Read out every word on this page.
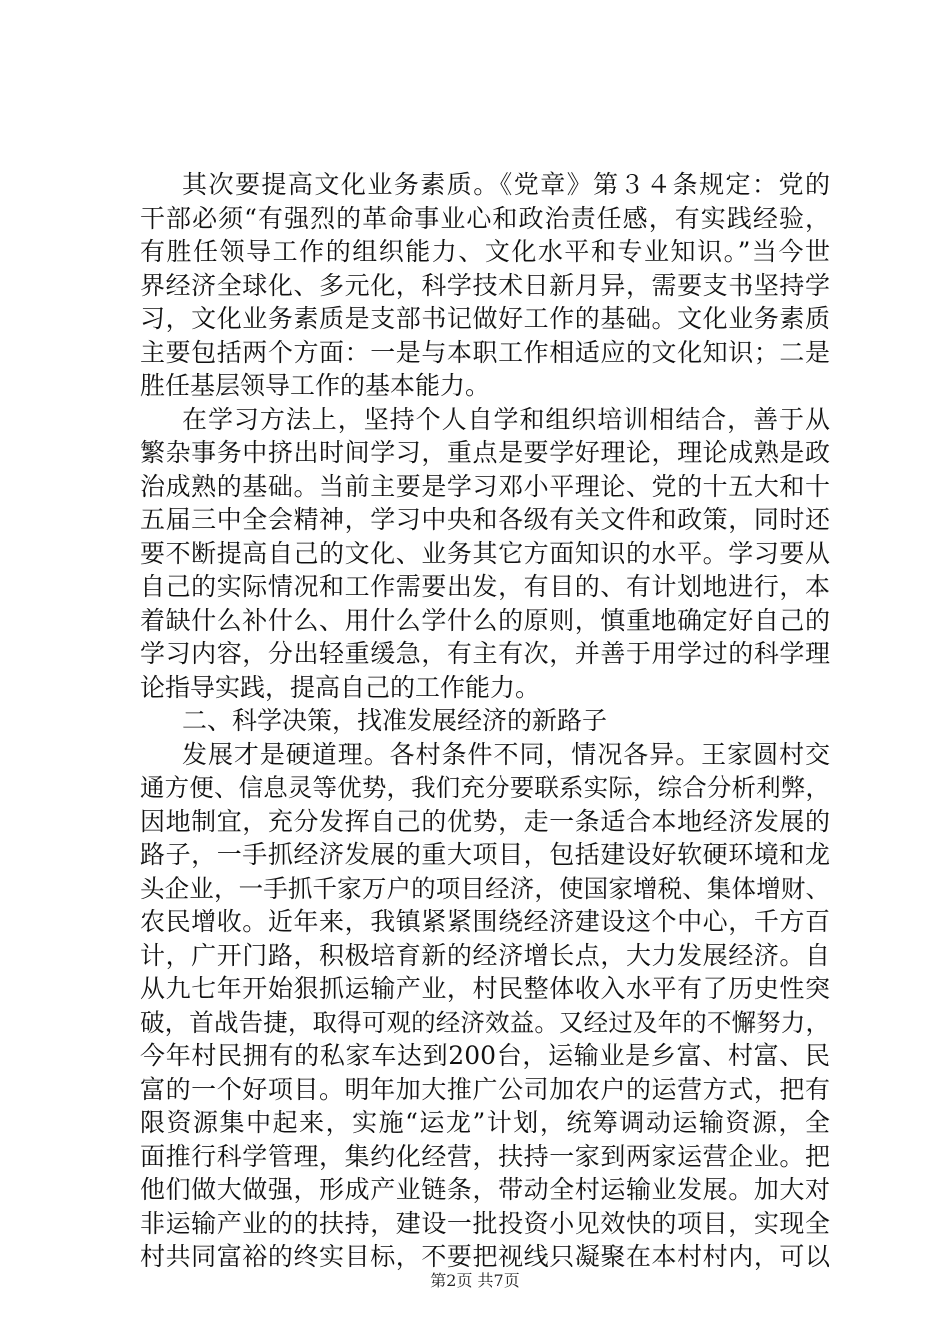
其次要提高文化业务素质。《党章》第３４条规定：党的
干部必须“有强烈的革命事业心和政治责任感，有实践经验，
有胜任领导工作的组织能力、文化水平和专业知识。”当今世
界经济全球化、多元化，科学技术日新月异，需要支书坚持学
习，文化业务素质是支部书记做好工作的基础。文化业务素质
主要包括两个方面：一是与本职工作相适应的文化知识；二是
胜任基层领导工作的基本能力。
在学习方法上，坚持个人自学和组织培训相结合，善于从
繁杂事务中挤出时间学习，重点是要学好理论，理论成熟是政
治成熟的基础。当前主要是学习邓小平理论、党的十五大和十
五届三中全会精神，学习中央和各级有关文件和政策，同时还
要不断提高自己的文化、业务其它方面知识的水平。学习要从
自己的实际情况和工作需要出发，有目的、有计划地进行，本
着缺什么补什么、用什么学什么的原则，慎重地确定好自己的
学习内容，分出轻重缓急，有主有次，并善于用学过的科学理
论指导实践，提高自己的工作能力。
二、科学决策，找准发展经济的新路子
发展才是硬道理。各村条件不同，情况各异。王家圆村交
通方便、信息灵等优势，我们充分要联系实际，综合分析利弊，
因地制宜，充分发挥自己的优势，走一条适合本地经济发展的
路子，一手抓经济发展的重大项目，包括建设好软硬环境和龙
头企业，一手抓千家万户的项目经济，使国家增税、集体增财、
农民增收。近年来，我镇紧紧围绕经济建设这个中心，千方百
计，广开门路，积极培育新的经济增长点，大力发展经济。自
从九七年开始狠抓运输产业，村民整体收入水平有了历史性突
破，首战告捷，取得可观的经济效益。又经过及年的不懈努力，
今年村民拥有的私家车达到200台，运输业是乡富、村富、民
富的一个好项目。明年加大推广公司加农户的运营方式，把有
限资源集中起来，实施“运龙”计划，统筹调动运输资源，全
面推行科学管理，集约化经营，扶持一家到两家运营企业。把
他们做大做强，形成产业链条，带动全村运输业发展。加大对
非运输产业的的扶持，建设一批投资小见效快的项目，实现全
村共同富裕的终实目标，不要把视线只凝聚在本村村内，可以
第2页 共7页
